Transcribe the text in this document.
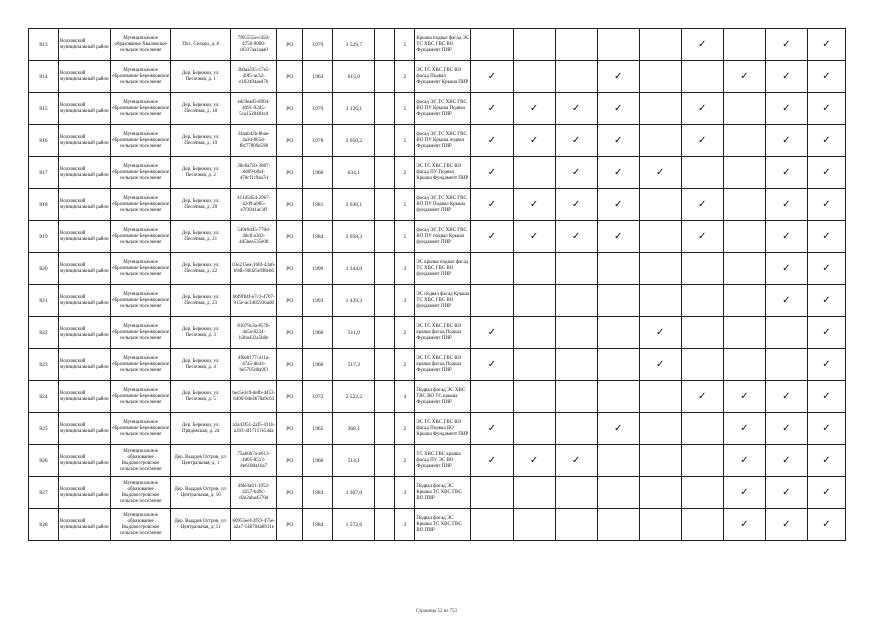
813	Волховский муниципальный район	Муниципальное образование Хваловское сельское поселение	Пос. Сельцо, д. 8	7f05555a-c450-4750-9060-c0337aa1aaa0	РО	1979	3 529,7		5	Крыша подвал фасад ЭС ТС ХВС ГВС ВО Фундамент ПИР						✓		✓	✓
814	Волховский муниципальный район	Муниципальное образование Бережковское сельское поселение	Дер. Бережки, ул. Песочная, д. 1	3b0aa335-17e5-49f5-ac32-e183494aed7b	РО	1963	615,0		2	ЭС ТС ХВС ГВС ВО фасад Подвал Фундамент Крыша ПИР	✓			✓			✓	✓	✓
815	Волховский муниципальный район	Муниципальное образование Бережковское сельское поселение	Дер. Бережки, ул. Песочная, д. 18	edc9ea05-8904-4091-92d5-5ca1528484cd	РО	1979	3 126,1		5	фасад ЭС ТС ХВС ГВС ВО ПУ Крыша Подвал Фундамент ПИР	✓	✓	✓	✓		✓		✓	✓
816	Волховский муниципальный район	Муниципальное образование Бережковское сельское поселение	Дер. Бережки, ул. Песочная, д. 19	34aa642b-8bae-4a3d-8b5d-f8c77809e598	РО	1978	3 050,2		5	фасад ЭС ТС ХВС ГВС ВО ПУ Крыша подвал Фундамент ПИР	✓	✓	✓	✓		✓		✓	✓
817	Волховский муниципальный район	Муниципальное образование Бережковское сельское поселение	Дер. Бережки, ул. Песочная, д. 2	38c8a750-3087-4d69-b0af-470cf1c9aa7d	РО	1966	634,1		2	ЭС ТС ХВС ГВС ВО фасад ПУ Подвал Крыша Фундамент ПИР	✓		✓	✓	✓			✓	✓
818	Волховский муниципальный район	Муниципальное образование Бережковское сельское поселение	Дер. Бережки, ул. Песочная, д. 20	411d5d54-2967-42d9-a985-e7f3041ac3ff	РО	1981	3 036,1		5	фасад ЭС ТС ХВС ГВС ВО ПУ Подвал Крыша фундамент ПИР	✓	✓	✓	✓		✓		✓	✓
819	Волховский муниципальный район	Муниципальное образование Бережковское сельское поселение	Дер. Бережки, ул. Песочная, д. 21	549e9445-770d-4dc8-a303-4d5bee535e08	РО	1984	3 058,3		5	фасад ЭС ТС ХВС ГВС ВО ПУ подвал Крыша фундамент ПИР	✓	✓	✓	✓		✓		✓	✓
820	Волховский муниципальный район	Муниципальное образование Бережковское сельское поселение	Дер. Бережки, ул. Песочная, д. 22	03e215ea-166f-43a6-b9db-90d25e9f8eb6	РО	1990	1 344,0		3	ЭС крыша подвал фасад ТС ХВС ГВС ВО фундамент ПИР								✓	✓
821	Волховский муниципальный район	Муниципальное образование Бережковское сельское поселение	Дер. Бережки, ул. Песочная, д. 23	b6f9f84f-e7c3-4707-915e-ac1485936ad0	РО	1993	1 439,3		3	ЭС подвал фасад Крыша ТС ХВС ГВС ВО фундамент ПИР								✓	✓
822	Волховский муниципальный район	Муниципальное образование Бережковское сельское поселение	Дер. Бережки, ул. Песочная, д. 3	81079c3a-8578-4a5a-8234-b3ba432a5b0e	РО	1966	511,9		2	ЭС ТС ХВС ГВС ВО крыша фасад Подвал Фундамент ПИР	✓				✓				✓
823	Волховский муниципальный район	Муниципальное образование Бережковское сельское поселение	Дер. Бережки, ул. Песочная, д. 4	4f0e8177-411a-47a5-8b43-be5705d8a9f3	РО	1966	517,3		2	ЭС ТС ХВС ГВС ВО крыша фасад Подвал Фундамент ПИР	✓				✓				✓
824	Волховский муниципальный район	Муниципальное образование Бережковское сельское поселение	Дер. Бережки, ул. Песочная, д. 5	bec5e3c9-defb-4453-b400-0de4670a9c63	РО	1972	2 522,2		4	Подвал фасад ЭС ХВС ГВС ВО ТС крыша Фундамент ПИР						✓	✓	✓	✓
825	Волховский муниципальный район	Муниципальное образование Бережковское сельское поселение	Дер. Бережки, ул. Прядовская, д. 24	a3a43f51-2af5-431b-a393-4f17117e54da	РО	1965	368,1		2	ЭС ТС ХВС ГВС ВО фасад Подвал ВО Крыша Фундамент ПИР	✓			✓			✓	✓	✓
826	Волховский муниципальный район	Муниципальное образование Выдовостровское сельское поселение	Дер. Выдров Остров, ул. Центральная, д. 1	75ab067a-b613-4d05-8513-8e6180a16a7	РО	1966	514,1		2	ТС ХВС ГВС крыша фасад ПУ ЭС ВО Фундамент ПИР	✓	✓	✓				✓	✓	✓
827	Волховский муниципальный район	Муниципальное образование Выдовостровское сельское поселение	Дер. Выдров Остров, ул. Центральная, д. 10	4fde3a61-1952-4257-b49c-d2e2aba4570d	РО	1983	1 367,0		3	Подвал фасад ЭС Крыша ТС ХВС ГВС ВО ПИР							✓	✓	✓
828	Волховский муниципальный район	Муниципальное образование Выдовостровское сельское поселение	Дер. Выдров Остров, ул. Центральная, д. 11	60955eef-2f59-475e-a2a7-148704a8911e	РО	1984	1 572,6		3	Подвал фасад ЭС Крыша ТС ХВС ГВС ВО ПИР							✓	✓	✓
Страница 52 из 753
